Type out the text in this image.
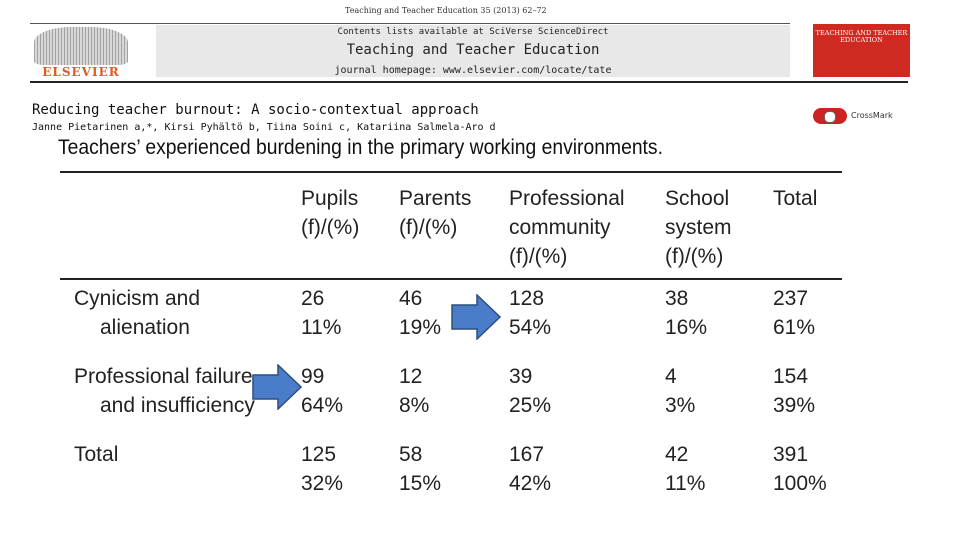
Teaching and Teacher Education 35 (2013) 62–72
ELSEVIER
Contents lists available at SciVerse ScienceDirect
Teaching and Teacher Education
journal homepage: www.elsevier.com/locate/tate
TEACHING AND TEACHER EDUCATION
Reducing teacher burnout: A socio-contextual approach
Janne Pietarinen a,*, Kirsi Pyhältö b, Tiina Soini c, Katariina Salmela-Aro d
CrossMark
Teachers’ experienced burdening in the primary working environments.
Pupils
(f)/(%)
Parents
(f)/(%)
Professional
community
(f)/(%)
School
system
(f)/(%)
Total
Cynicism and
alienation
26
11%
46
19%
128
54%
38
16%
237
61%
Professional failure
and insufficiency
99
64%
12
8%
39
25%
4
3%
154
39%
Total	125
32%
58
15%
167
42%
42
11%
391
100%
